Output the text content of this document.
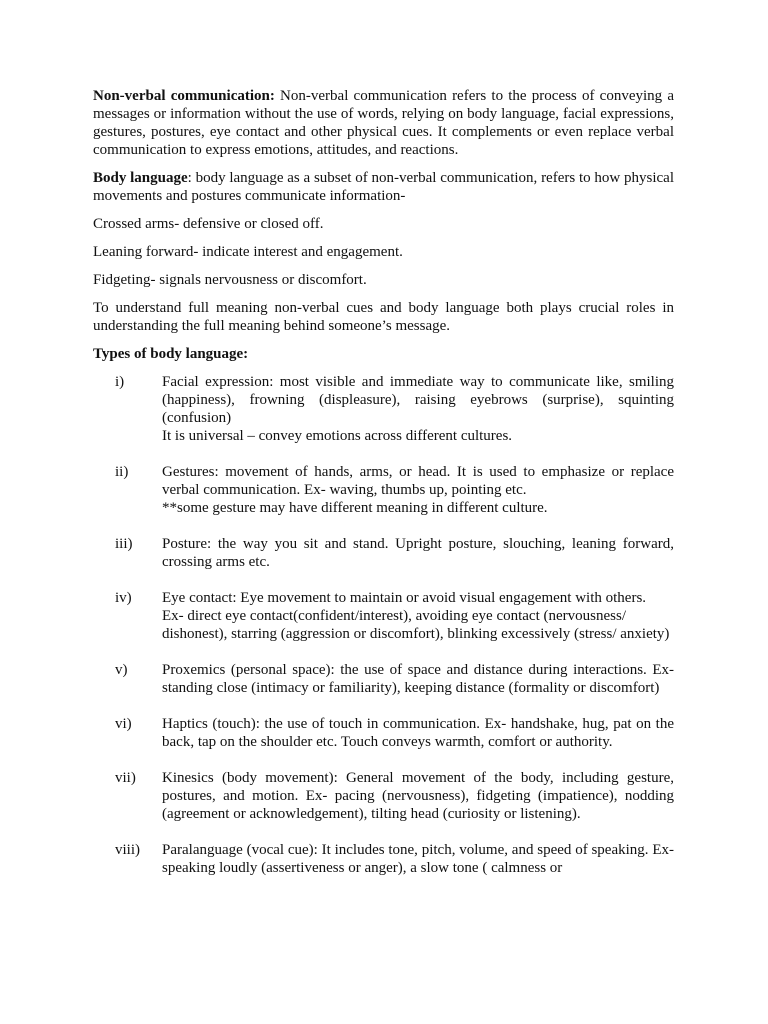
Non-verbal communication: Non-verbal communication refers to the process of conveying a messages or information without the use of words, relying on body language, facial expressions, gestures, postures, eye contact and other physical cues. It complements or even replace verbal communication to express emotions, attitudes, and reactions.

Body language: body language as a subset of non-verbal communication, refers to how physical movements and postures communicate information-

Crossed arms- defensive or closed off.

Leaning forward- indicate interest and engagement.

Fidgeting- signals nervousness or discomfort.

To understand full meaning non-verbal cues and body language both plays crucial roles in understanding the full meaning behind someone’s message.

Types of body language:

i)	Facial expression: most visible and immediate way to communicate like, smiling (happiness), frowning (displeasure), raising eyebrows (surprise), squinting (confusion)
It is universal – convey emotions across different cultures.
ii) Gestures: movement of hands, arms, or head. It is used to emphasize or replace verbal communication. Ex- waving, thumbs up, pointing etc.
**some gesture may have different meaning in different culture.
iii) Posture: the way you sit and stand. Upright posture, slouching, leaning forward, crossing arms etc.
iv) Eye contact: Eye movement to maintain or avoid visual engagement with others.
Ex- direct eye contact(confident/interest), avoiding eye contact (nervousness/ dishonest), starring (aggression or discomfort), blinking excessively (stress/ anxiety)
v) Proxemics (personal space): the use of space and distance during interactions. Ex- standing close (intimacy or familiarity), keeping distance (formality or discomfort)
vi) Haptics (touch): the use of touch in communication. Ex- handshake, hug, pat on the back, tap on the shoulder etc. Touch conveys warmth, comfort or authority.
vii) Kinesics (body movement): General movement of the body, including gesture, postures, and motion. Ex- pacing (nervousness), fidgeting (impatience), nodding (agreement or acknowledgement), tilting head (curiosity or listening).
viii) Paralanguage (vocal cue): It includes tone, pitch, volume, and speed of speaking. Ex- speaking loudly (assertiveness or anger), a slow tone ( calmness or
